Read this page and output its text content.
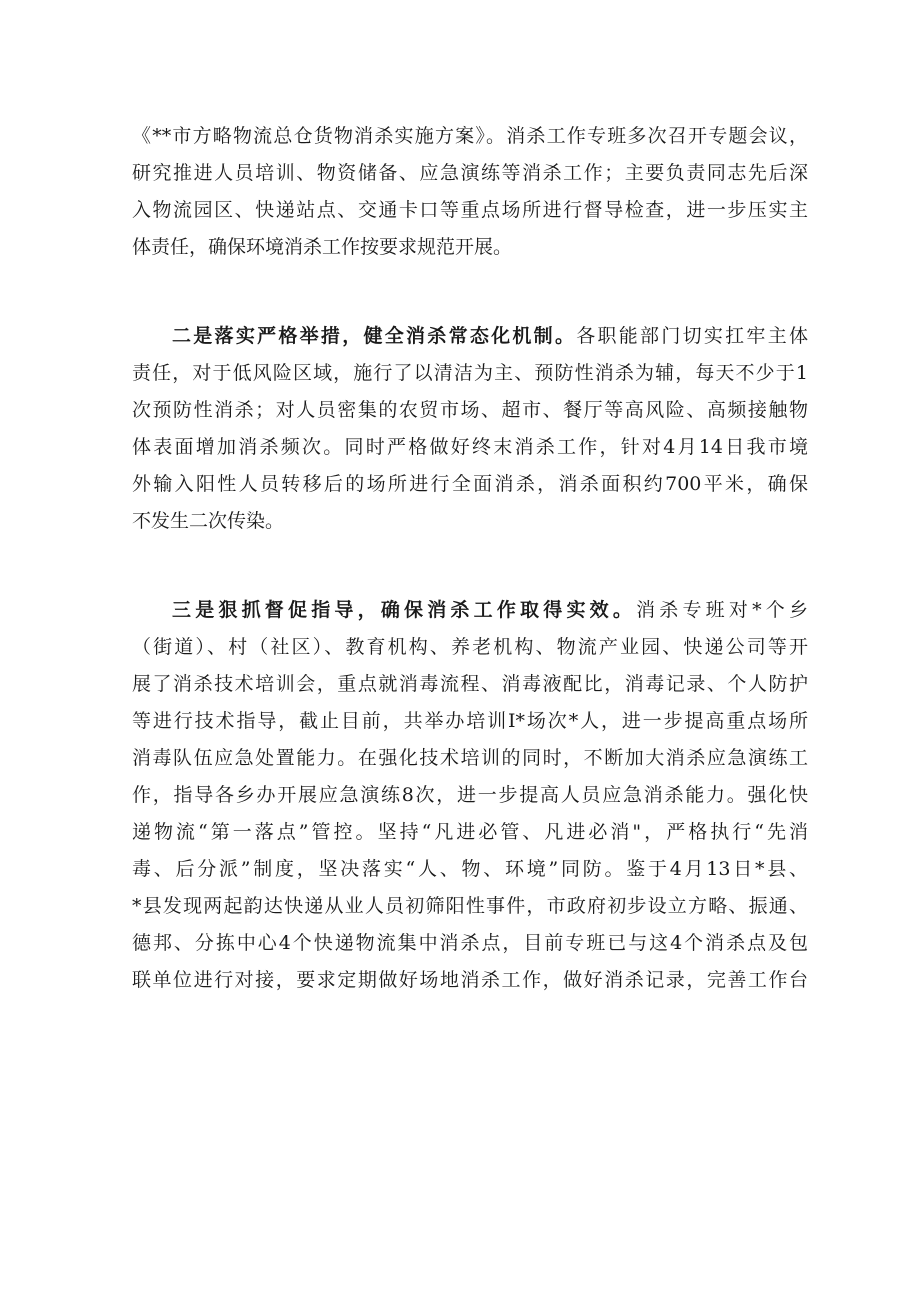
《**市方略物流总仓货物消杀实施方案》。消杀工作专班多次召开专题会议，
研究推进人员培训、物资储备、应急演练等消杀工作；主要负责同志先后深
入物流园区、快递站点、交通卡口等重点场所进行督导检查，进一步压实主
体责任，确保环境消杀工作按要求规范开展。
二是落实严格举措，健全消杀常态化机制。各职能部门切实扛牢主体
责任，对于低风险区域，施行了以清洁为主、预防性消杀为辅，每天不少于1
次预防性消杀；对人员密集的农贸市场、超市、餐厅等高风险、高频接触物
体表面增加消杀频次。同时严格做好终末消杀工作，针对4月14日我市境
外输入阳性人员转移后的场所进行全面消杀，消杀面积约700平米，确保
不发生二次传染。
三是狠抓督促指导，确保消杀工作取得实效。消杀专班对*个乡
（街道）、村（社区）、教育机构、养老机构、物流产业园、快递公司等开
展了消杀技术培训会，重点就消毒流程、消毒液配比，消毒记录、个人防护
等进行技术指导，截止目前，共举办培训I*场次*人，进一步提高重点场所
消毒队伍应急处置能力。在强化技术培训的同时，不断加大消杀应急演练工
作，指导各乡办开展应急演练8次，进一步提高人员应急消杀能力。强化快
递物流“第一落点”管控。坚持“凡进必管、凡进必消"，严格执行“先消
毒、后分派”制度，坚决落实“人、物、环境”同防。鉴于4月13日*县、
*县发现两起韵达快递从业人员初筛阳性事件，市政府初步设立方略、振通、
德邦、分拣中心4个快递物流集中消杀点，目前专班已与这4个消杀点及包
联单位进行对接，要求定期做好场地消杀工作，做好消杀记录，完善工作台
